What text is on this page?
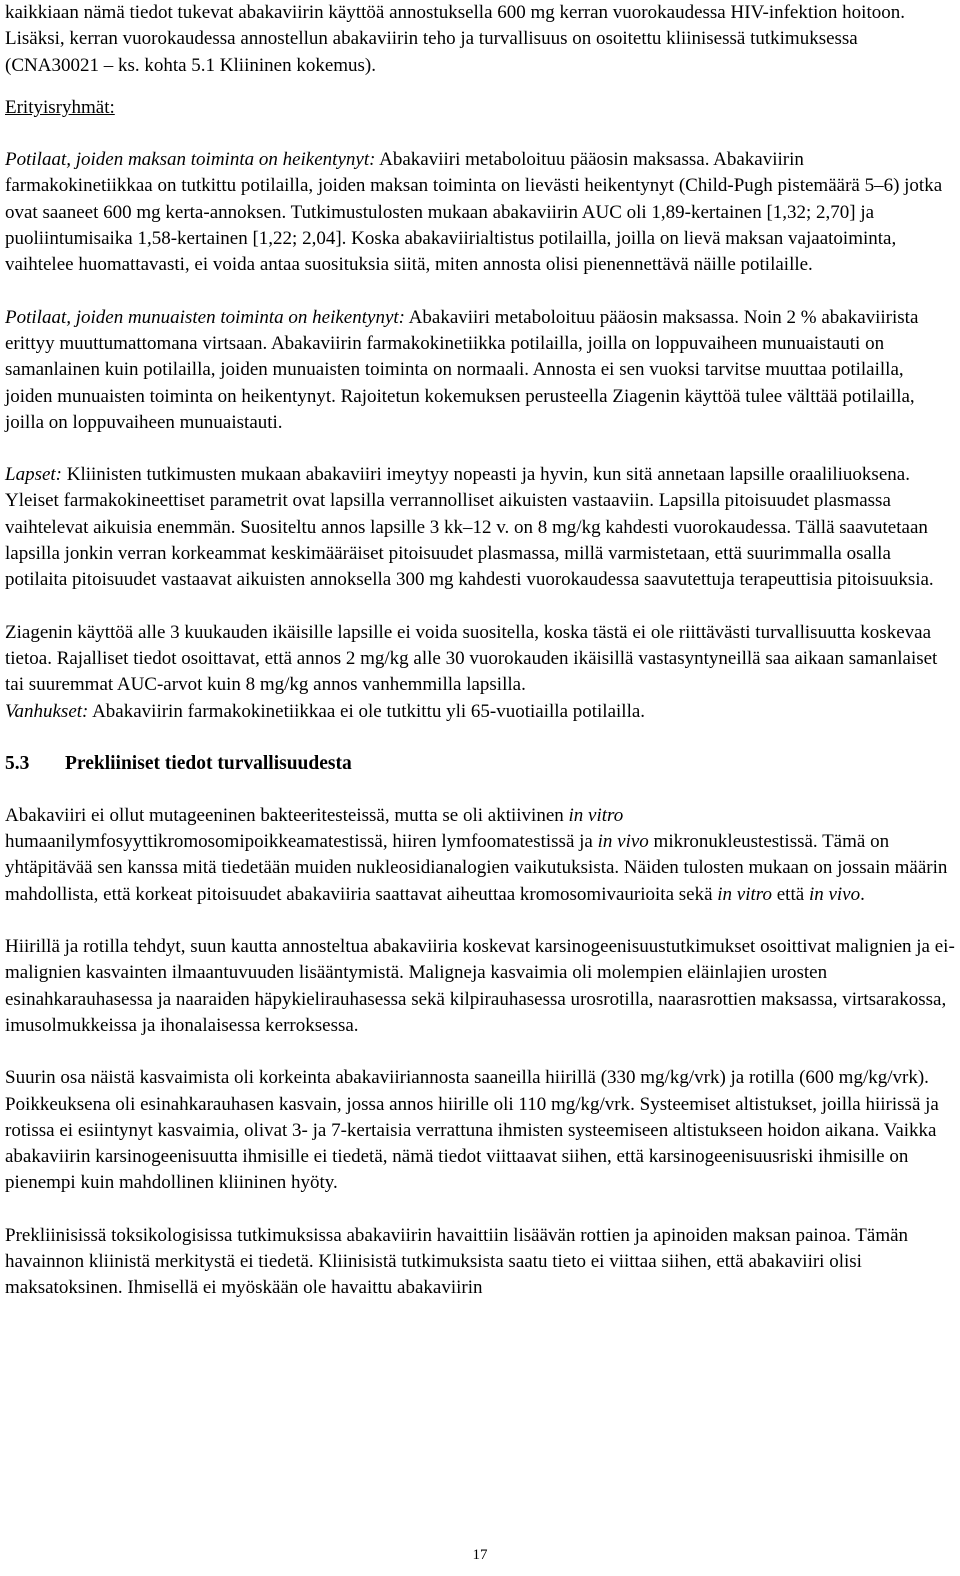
kaikkiaan nämä tiedot tukevat abakaviirin käyttöä annostuksella 600 mg kerran vuorokaudessa HIV-infektion hoitoon. Lisäksi, kerran vuorokaudessa annostellun abakaviirin teho ja turvallisuus on osoitettu kliinisessä tutkimuksessa (CNA30021 – ks. kohta 5.1 Kliininen kokemus).

Erityisryhmät:

Potilaat, joiden maksan toiminta on heikentynyt: Abakaviiri metaboloituu pääosin maksassa. Abakaviirin farmakokinetiikkaa on tutkittu potilailla, joiden maksan toiminta on lievästi heikentynyt (Child-Pugh pistemäärä 5–6) jotka ovat saaneet 600 mg kerta-annoksen. Tutkimustulosten mukaan abakaviirin AUC oli 1,89-kertainen [1,32; 2,70] ja puoliintumisaika 1,58-kertainen [1,22; 2,04]. Koska abakaviirialtistus potilailla, joilla on lievä maksan vajaatoiminta, vaihtelee huomattavasti, ei voida antaa suosituksia siitä, miten annosta olisi pienennettävä näille potilaille.

Potilaat, joiden munuaisten toiminta on heikentynyt: Abakaviiri metaboloituu pääosin maksassa. Noin 2 % abakaviirista erittyy muuttumattomana virtsaan. Abakaviirin farmakokinetiikka potilailla, joilla on loppuvaiheen munuaistauti on samanlainen kuin potilailla, joiden munuaisten toiminta on normaali. Annosta ei sen vuoksi tarvitse muuttaa potilailla, joiden munuaisten toiminta on heikentynyt. Rajoitetun kokemuksen perusteella Ziagenin käyttöä tulee välttää potilailla, joilla on loppuvaiheen munuaistauti.

Lapset: Kliinisten tutkimusten mukaan abakaviiri imeytyy nopeasti ja hyvin, kun sitä annetaan lapsille oraaliliuoksena. Yleiset farmakokineettiset parametrit ovat lapsilla verrannolliset aikuisten vastaaviin. Lapsilla pitoisuudet plasmassa vaihtelevat aikuisia enemmän. Suositeltu annos lapsille 3 kk–12 v. on 8 mg/kg kahdesti vuorokaudessa. Tällä saavutetaan lapsilla jonkin verran korkeammat keskimääräiset pitoisuudet plasmassa, millä varmistetaan, että suurimmalla osalla potilaita pitoisuudet vastaavat aikuisten annoksella 300 mg kahdesti vuorokaudessa saavutettuja terapeuttisia pitoisuuksia.

Ziagenin käyttöä alle 3 kuukauden ikäisille lapsille ei voida suositella, koska tästä ei ole riittävästi turvallisuutta koskevaa tietoa. Rajalliset tiedot osoittavat, että annos 2 mg/kg alle 30 vuorokauden ikäisillä vastasyntyneillä saa aikaan samanlaiset tai suuremmat AUC-arvot kuin 8 mg/kg annos vanhemmilla lapsilla.

Vanhukset: Abakaviirin farmakokinetiikkaa ei ole tutkittu yli 65-vuotiailla potilailla.

5.3 Prekliiniset tiedot turvallisuudesta

Abakaviiri ei ollut mutageeninen bakteeritesteissä, mutta se oli aktiivinen in vitro humaanilymfosyyttikromosomipoikkeamatestissä, hiiren lymfoomatestissä ja in vivo mikronukleustestissä. Tämä on yhtäpitävää sen kanssa mitä tiedetään muiden nukleosidianalogien vaikutuksista. Näiden tulosten mukaan on jossain määrin mahdollista, että korkeat pitoisuudet abakaviiria saattavat aiheuttaa kromosomivaurioita sekä in vitro että in vivo.

Hiirillä ja rotilla tehdyt, suun kautta annosteltua abakaviiria koskevat karsinogeenisuustutkimukset osoittivat malignien ja ei-malignien kasvainten ilmaantuvuuden lisääntymistä. Maligneja kasvaimia oli molempien eläinlajien urosten esinahkarauhasessa ja naaraiden häpykielirauhasessa sekä kilpirauhasessa urosrotilla, naarasrottien maksassa, virtsarakossa, imusolmukkeissa ja ihonalaisessa kerroksessa.

Suurin osa näistä kasvaimista oli korkeinta abakaviiriannosta saaneilla hiirillä (330 mg/kg/vrk) ja rotilla (600 mg/kg/vrk). Poikkeuksena oli esinahkarauhasen kasvain, jossa annos hiirille oli 110 mg/kg/vrk. Systeemiset altistukset, joilla hiirissä ja rotissa ei esiintynyt kasvaimia, olivat 3- ja 7-kertaisia verrattuna ihmisten systeemiseen altistukseen hoidon aikana. Vaikka abakaviirin karsinogeenisuutta ihmisille ei tiedetä, nämä tiedot viittaavat siihen, että karsinogeenisuusriski ihmisille on pienempi kuin mahdollinen kliininen hyöty.

Prekliinisissä toksikologisissa tutkimuksissa abakaviirin havaittiin lisäävän rottien ja apinoiden maksan painoa. Tämän havainnon kliinistä merkitystä ei tiedetä. Kliinisistä tutkimuksista saatu tieto ei viittaa siihen, että abakaviiri olisi maksatoksinen. Ihmisellä ei myöskään ole havaittu abakaviirin

17
